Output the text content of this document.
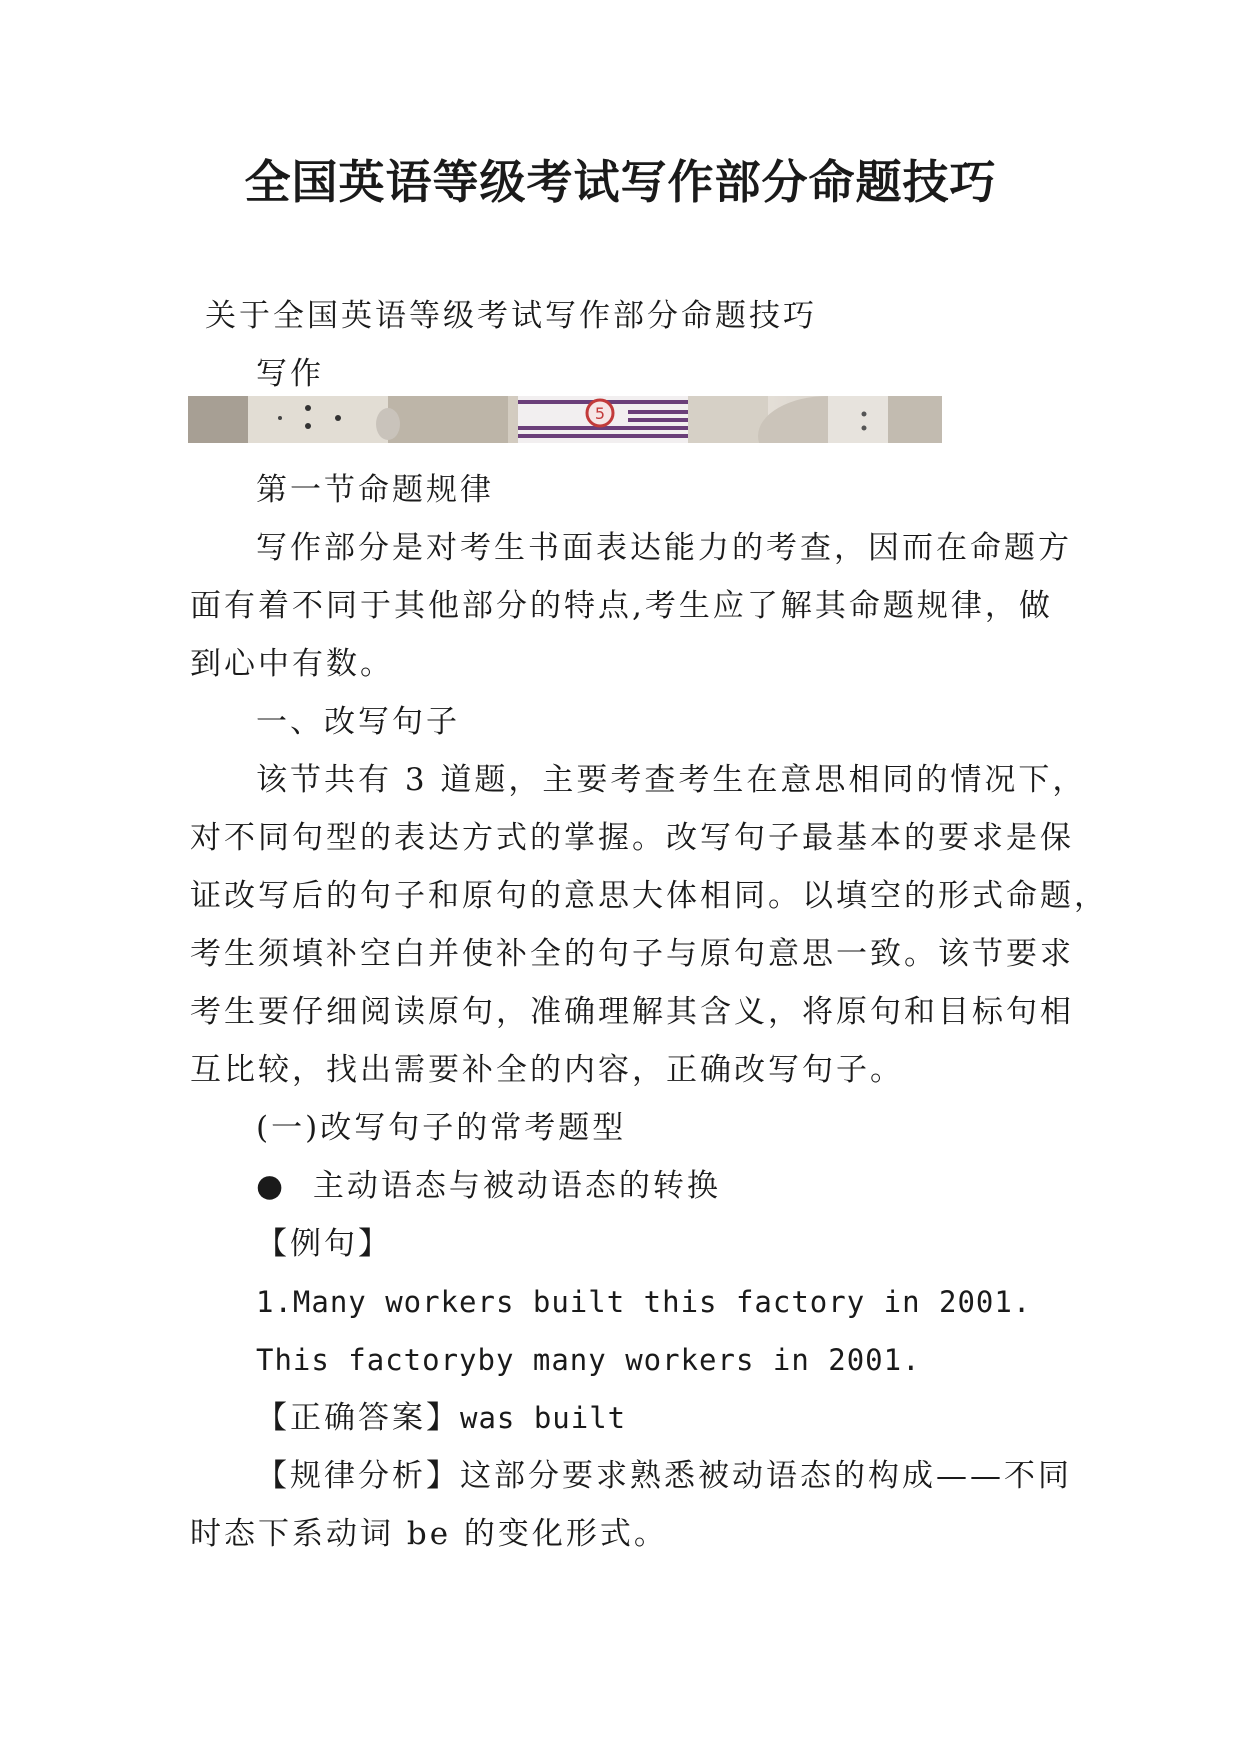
全国英语等级考试写作部分命题技巧
关于全国英语等级考试写作部分命题技巧
写作
5
第一节命题规律
写作部分是对考生书面表达能力的考查，因而在命题方
面有着不同于其他部分的特点,考生应了解其命题规律，做
到心中有数。
一、改写句子
该节共有 3 道题，主要考查考生在意思相同的情况下，
对不同句型的表达方式的掌握。改写句子最基本的要求是保
证改写后的句子和原句的意思大体相同。以填空的形式命题，
考生须填补空白并使补全的句子与原句意思一致。该节要求
考生要仔细阅读原句，准确理解其含义，将原句和目标句相
互比较，找出需要补全的内容，正确改写句子。
(一)改写句子的常考题型
● 主动语态与被动语态的转换
【例句】
1.Many workers built this factory in 2001.
This factoryby many workers in 2001.
【正确答案】was built
【规律分析】这部分要求熟悉被动语态的构成——不同
时态下系动词 be 的变化形式。
